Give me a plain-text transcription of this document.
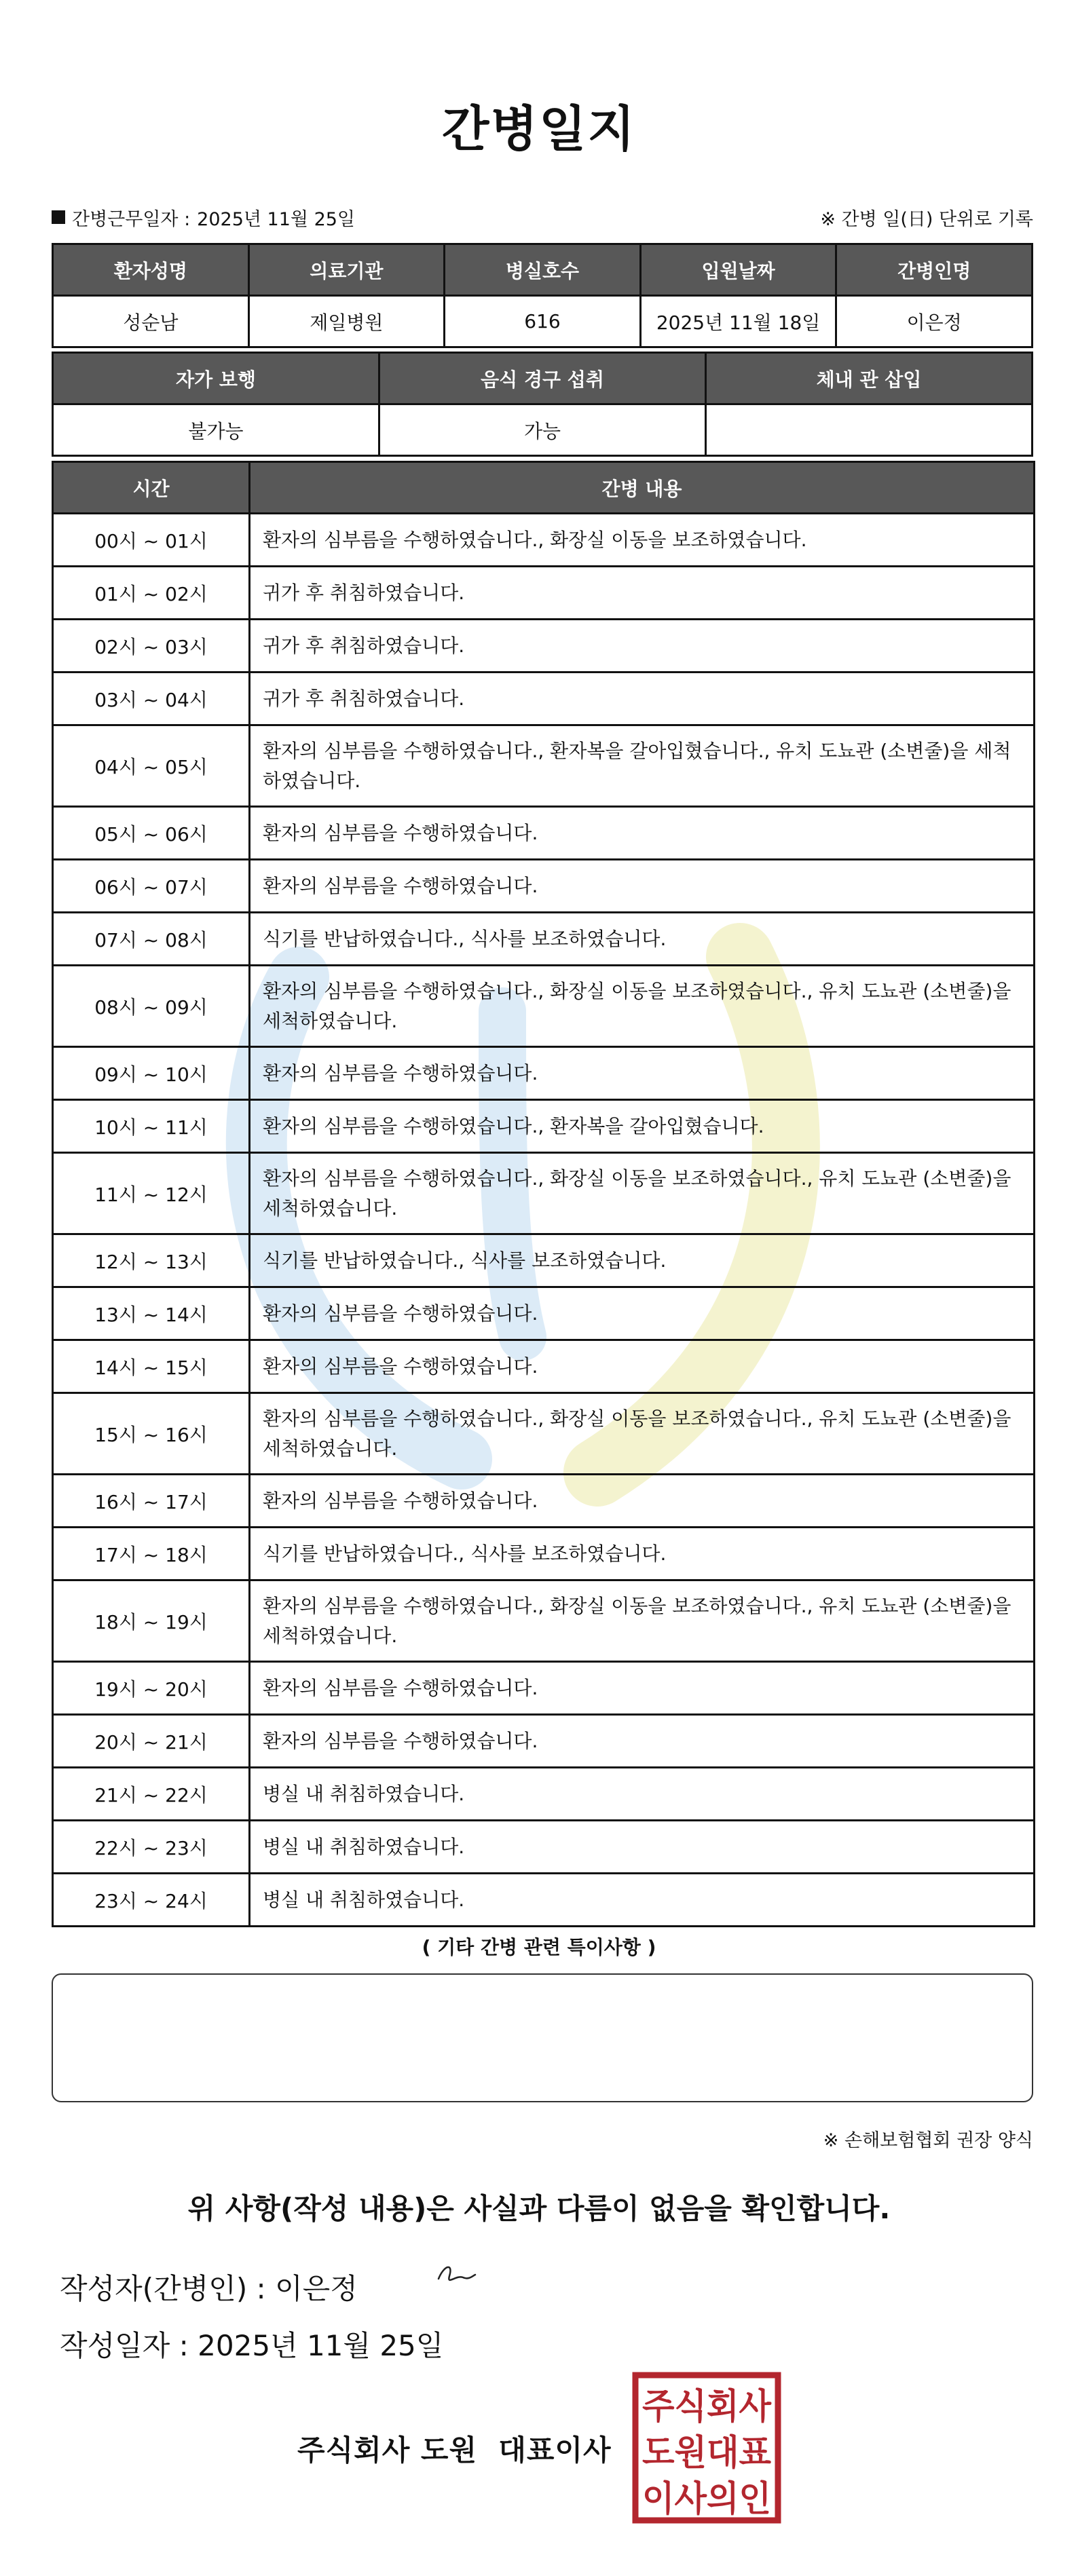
간병일지
간병근무일자 : 2025년 11월 25일	※ 간병 일(日) 단위로 기록
환자성명	의료기관	병실호수	입원날짜	간병인명
성순남	제일병원	616	2025년 11월 18일	이은정
자가 보행	음식 경구 섭취	체내 관 삽입
불가능	가능	
시간	간병 내용
00시 ~ 01시	환자의 심부름을 수행하였습니다., 화장실 이동을 보조하였습니다.
01시 ~ 02시	귀가 후 취침하였습니다.
02시 ~ 03시	귀가 후 취침하였습니다.
03시 ~ 04시	귀가 후 취침하였습니다.
04시 ~ 05시	환자의 심부름을 수행하였습니다., 환자복을 갈아입혔습니다., 유치 도뇨관 (소변줄)을 세척하였습니다.
05시 ~ 06시	환자의 심부름을 수행하였습니다.
06시 ~ 07시	환자의 심부름을 수행하였습니다.
07시 ~ 08시	식기를 반납하였습니다., 식사를 보조하였습니다.
08시 ~ 09시	환자의 심부름을 수행하였습니다., 화장실 이동을 보조하였습니다., 유치 도뇨관 (소변줄)을 세척하였습니다.
09시 ~ 10시	환자의 심부름을 수행하였습니다.
10시 ~ 11시	환자의 심부름을 수행하였습니다., 환자복을 갈아입혔습니다.
11시 ~ 12시	환자의 심부름을 수행하였습니다., 화장실 이동을 보조하였습니다., 유치 도뇨관 (소변줄)을 세척하였습니다.
12시 ~ 13시	식기를 반납하였습니다., 식사를 보조하였습니다.
13시 ~ 14시	환자의 심부름을 수행하였습니다.
14시 ~ 15시	환자의 심부름을 수행하였습니다.
15시 ~ 16시	환자의 심부름을 수행하였습니다., 화장실 이동을 보조하였습니다., 유치 도뇨관 (소변줄)을 세척하였습니다.
16시 ~ 17시	환자의 심부름을 수행하였습니다.
17시 ~ 18시	식기를 반납하였습니다., 식사를 보조하였습니다.
18시 ~ 19시	환자의 심부름을 수행하였습니다., 화장실 이동을 보조하였습니다., 유치 도뇨관 (소변줄)을 세척하였습니다.
19시 ~ 20시	환자의 심부름을 수행하였습니다.
20시 ~ 21시	환자의 심부름을 수행하였습니다.
21시 ~ 22시	병실 내 취침하였습니다.
22시 ~ 23시	병실 내 취침하였습니다.
23시 ~ 24시	병실 내 취침하였습니다.
( 기타 간병 관련 특이사항 )
※ 손해보험협회 권장 양식
위 사항(작성 내용)은 사실과 다름이 없음을 확인합니다.
작성자(간병인) : 이은정
작성일자 : 2025년 11월 25일
주식회사 도원  대표이사
주식회사
도원대표
이사의인
